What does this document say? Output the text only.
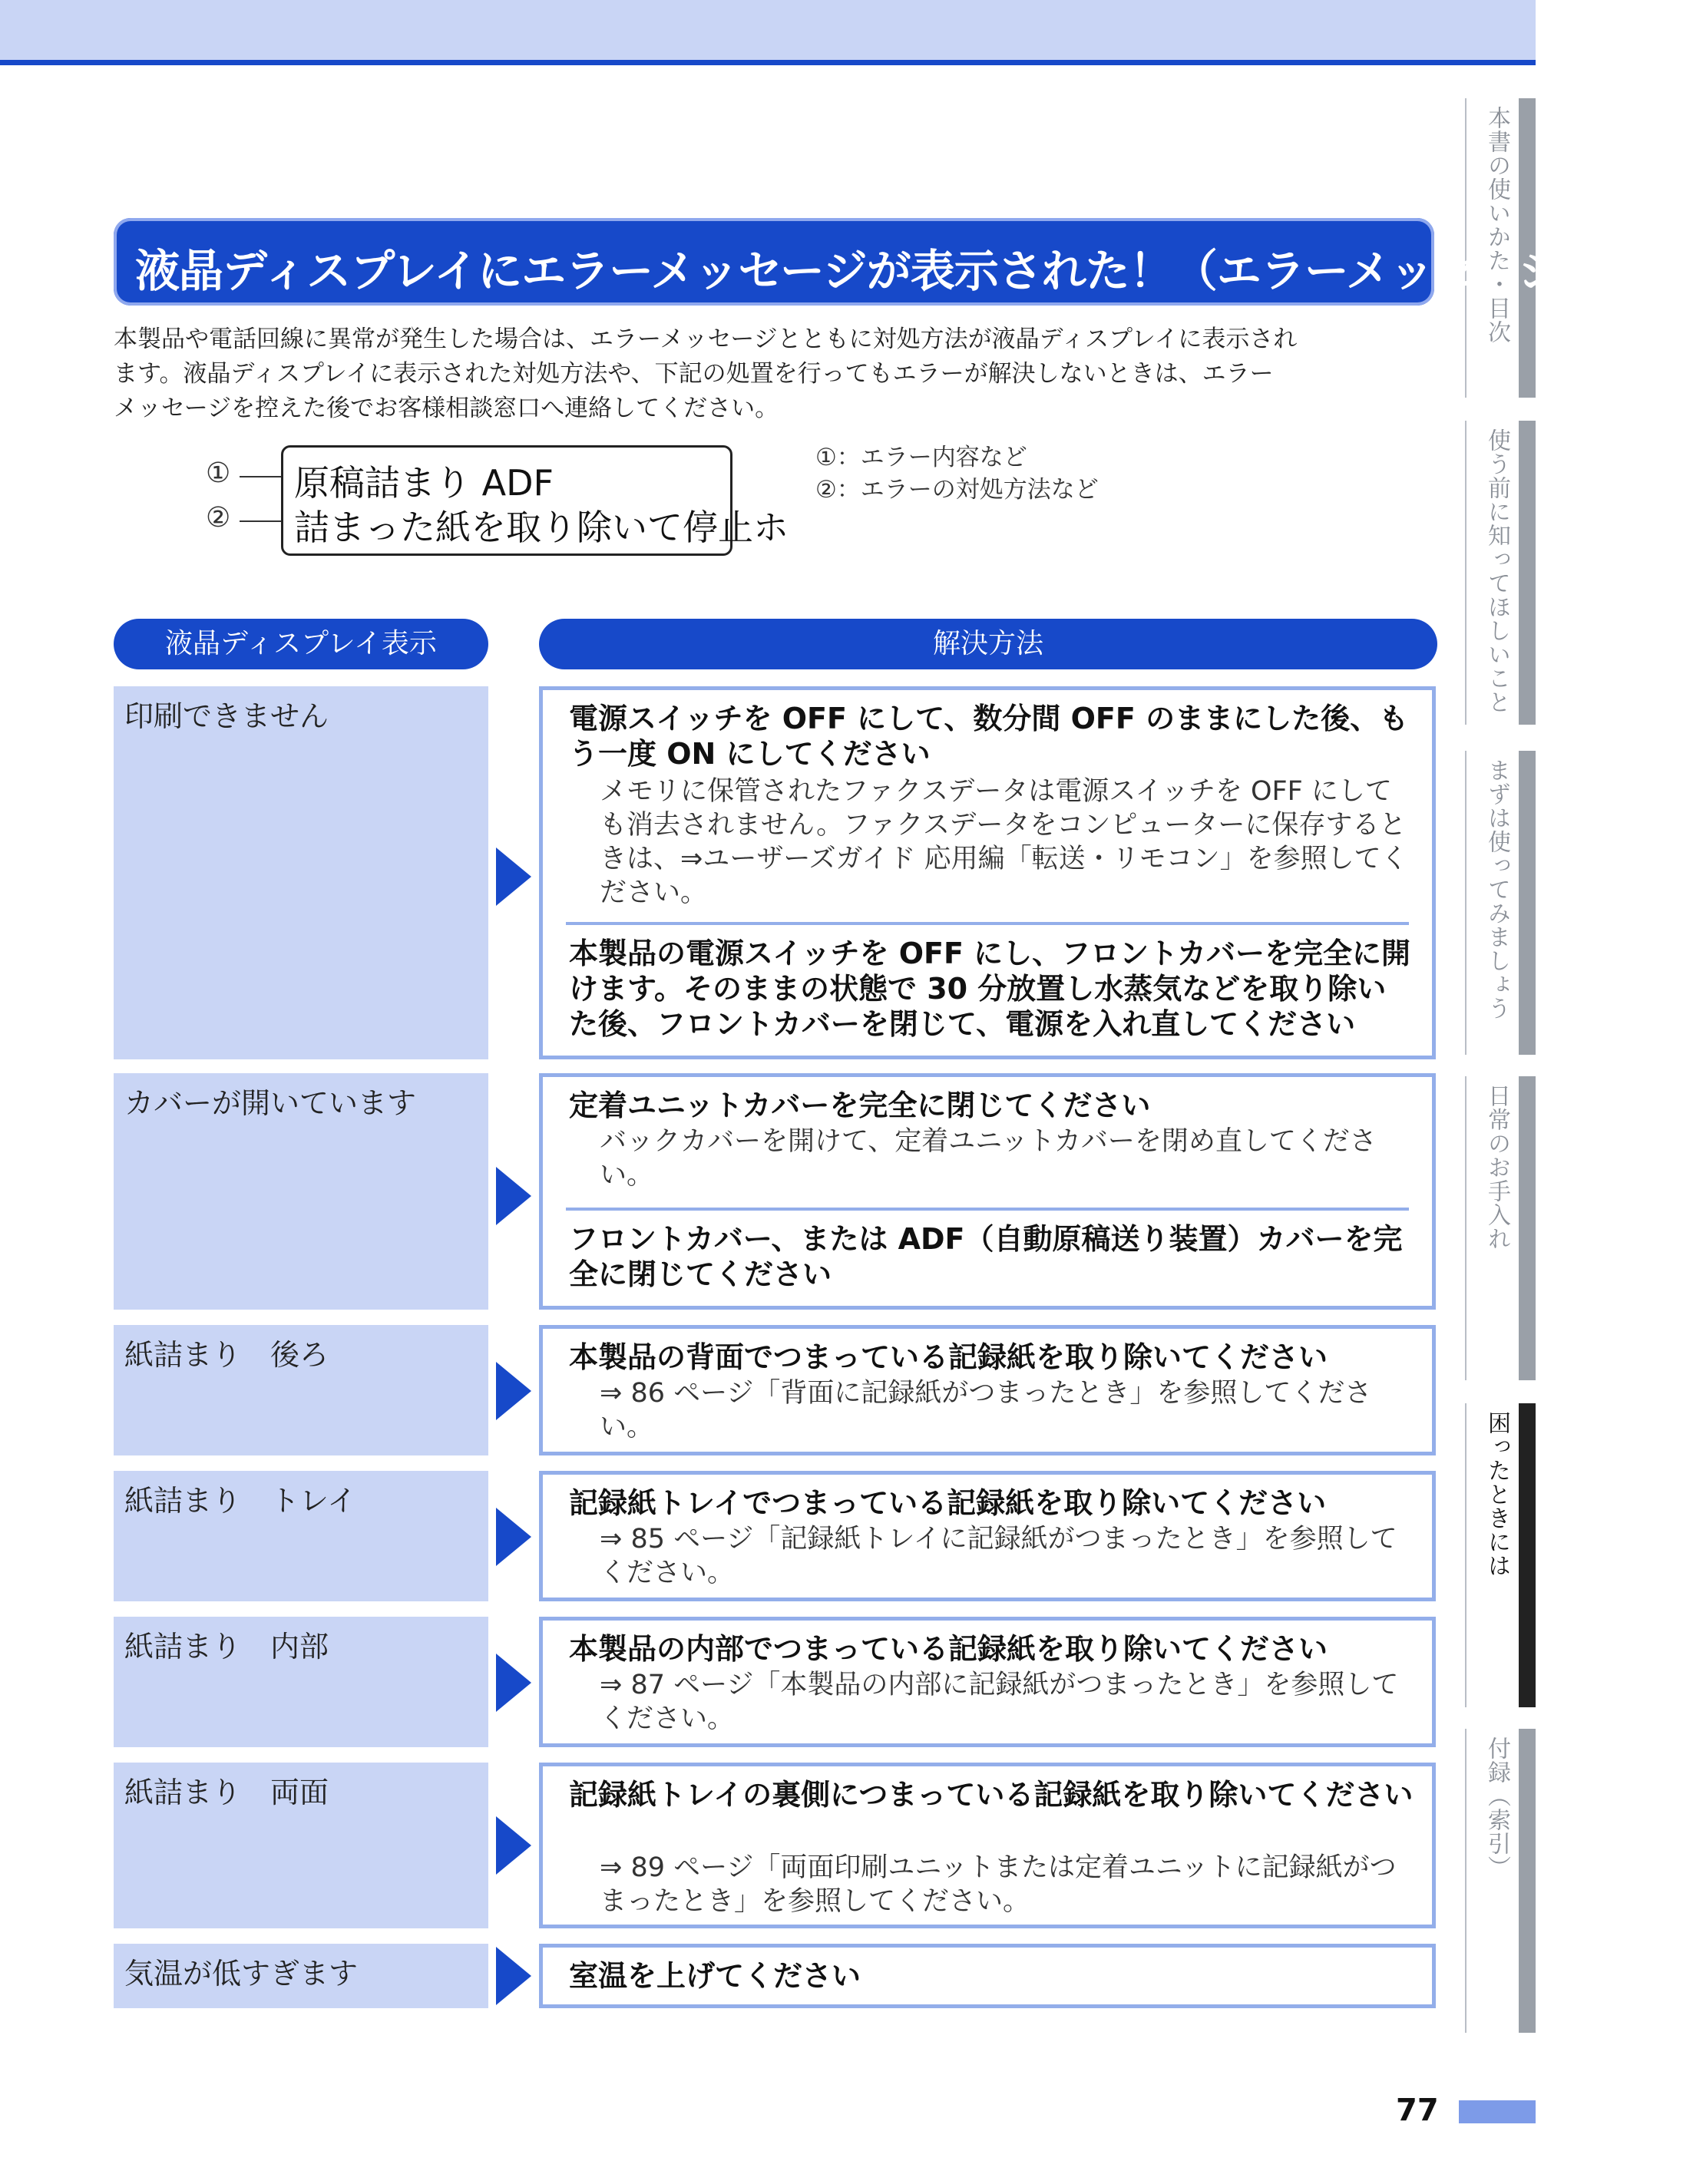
本書の使いかた・目次
使う前に知ってほしいこと
まずは使ってみましょう
日常のお手入れ
困ったときには
付録（索引）
液晶ディスプレイにエラーメッセージが表示された！（エラーメッセージ一覧）
本製品や電話回線に異常が発生した場合は、エラーメッセージとともに対処方法が液晶ディスプレイに表示され
ます。液晶ディスプレイに表示された対処方法や、下記の処置を行ってもエラーが解決しないときは、エラー
メッセージを控えた後でお客様相談窓口へ連絡してください。
①
②
原稿詰まり ADF
詰まった紙を取り除いて停止ホ
①：エラー内容など
②：エラーの対処方法など
液晶ディスプレイ表示	解決方法
印刷できません	電源スイッチを OFF にして、数分間 OFF のままにした後、もう一度 ON にしてください
メモリに保管されたファクスデータは電源スイッチを OFF にしても消去されません。ファクスデータをコンピューターに保存するときは、⇒ユーザーズガイド 応用編「転送・リモコン」を参照してください。
本製品の電源スイッチを OFF にし、フロントカバーを完全に開けます。そのままの状態で 30 分放置し水蒸気などを取り除いた後、フロントカバーを閉じて、電源を入れ直してください
カバーが開いています	定着ユニットカバーを完全に閉じてください
バックカバーを開けて、定着ユニットカバーを閉め直してください。
フロントカバー、または ADF（自動原稿送り装置）カバーを完全に閉じてください
紙詰まり　後ろ	本製品の背面でつまっている記録紙を取り除いてください
⇒ 86 ページ「背面に記録紙がつまったとき」を参照してください。
紙詰まり　トレイ	記録紙トレイでつまっている記録紙を取り除いてください
⇒ 85 ページ「記録紙トレイに記録紙がつまったとき」を参照してください。
紙詰まり　内部	本製品の内部でつまっている記録紙を取り除いてください
⇒ 87 ページ「本製品の内部に記録紙がつまったとき」を参照してください。
紙詰まり　両面	記録紙トレイの裏側につまっている記録紙を取り除いてください
⇒ 89 ページ「両面印刷ユニットまたは定着ユニットに記録紙がつまったとき」を参照してください。
気温が低すぎます	室温を上げてください
77
